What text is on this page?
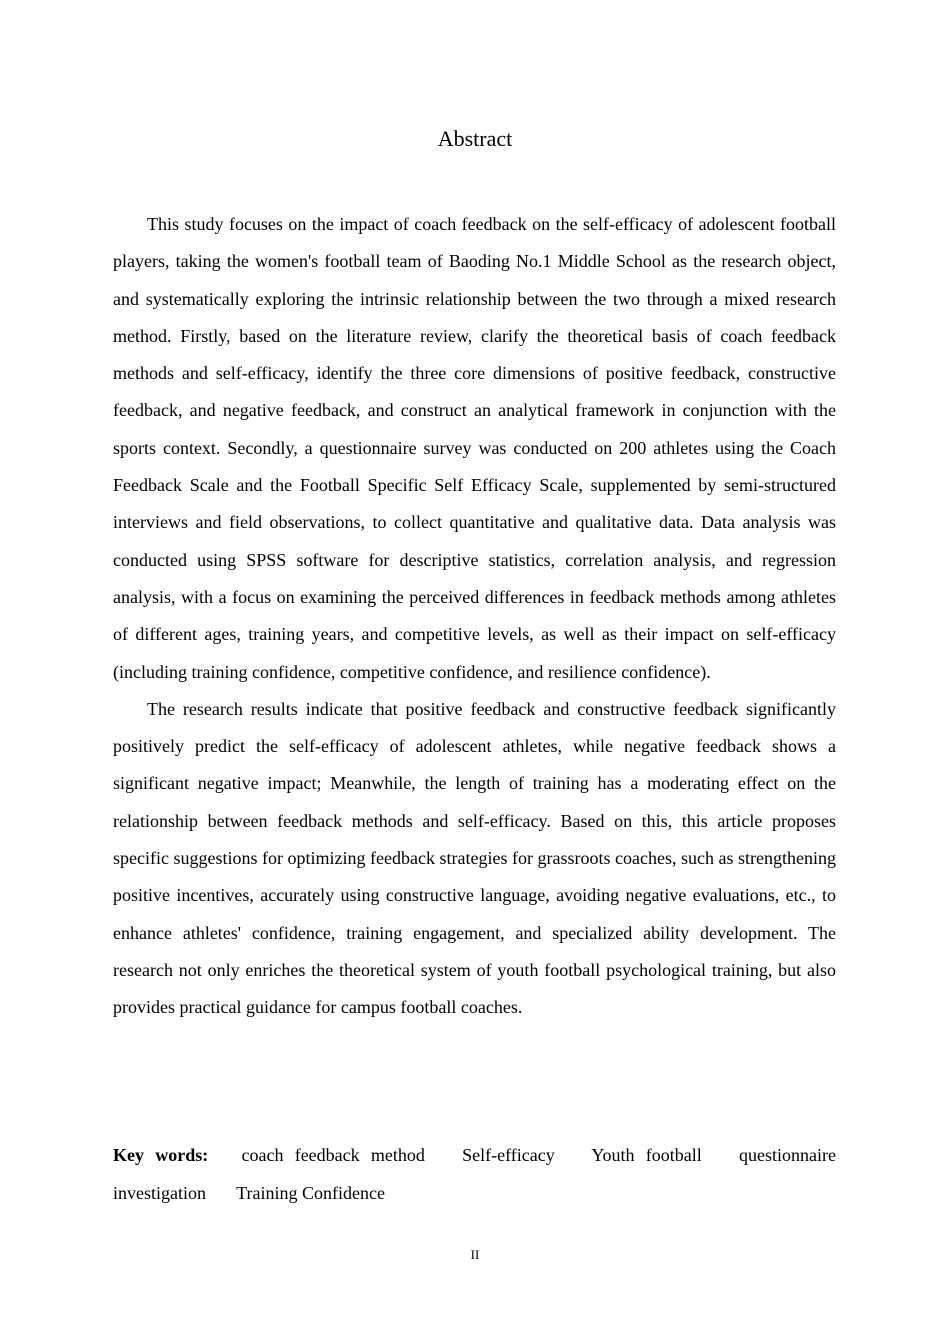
Abstract

This study focuses on the impact of coach feedback on the self-efficacy of adolescent football players, taking the women's football team of Baoding No.1 Middle School as the research object, and systematically exploring the intrinsic relationship between the two through a mixed research method. Firstly, based on the literature review, clarify the theoretical basis of coach feedback methods and self-efficacy, identify the three core dimensions of positive feedback, constructive feedback, and negative feedback, and construct an analytical framework in conjunction with the sports context. Secondly, a questionnaire survey was conducted on 200 athletes using the Coach Feedback Scale and the Football Specific Self Efficacy Scale, supplemented by semi-structured interviews and field observations, to collect quantitative and qualitative data. Data analysis was conducted using SPSS software for descriptive statistics, correlation analysis, and regression analysis, with a focus on examining the perceived differences in feedback methods among athletes of different ages, training years, and competitive levels, as well as their impact on self-efficacy (including training confidence, competitive confidence, and resilience confidence).

The research results indicate that positive feedback and constructive feedback significantly positively predict the self-efficacy of adolescent athletes, while negative feedback shows a significant negative impact; Meanwhile, the length of training has a moderating effect on the relationship between feedback methods and self-efficacy. Based on this, this article proposes specific suggestions for optimizing feedback strategies for grassroots coaches, such as strengthening positive incentives, accurately using constructive language, avoiding negative evaluations, etc., to enhance athletes' confidence, training engagement, and specialized ability development. The research not only enriches the theoretical system of youth football psychological training, but also provides practical guidance for campus football coaches.

Key words: coach feedback method Self-efficacy Youth football questionnaire investigation Training Confidence
II
